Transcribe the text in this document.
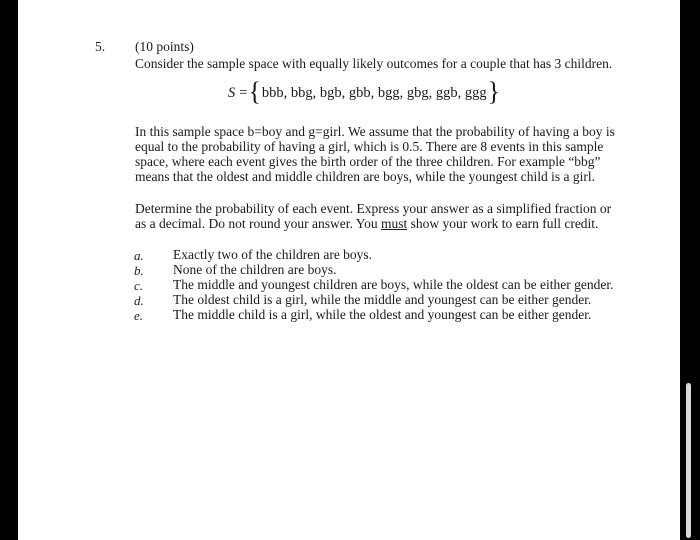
5. (10 points)
Consider the sample space with equally likely outcomes for a couple that has 3 children.
S = { bbb, bbg, bgb, gbb, bgg, gbg, ggb, ggg }
In this sample space b=boy and g=girl. We assume that the probability of having a boy is
equal to the probability of having a girl, which is 0.5. There are 8 events in this sample
space, where each event gives the birth order of the three children. For example “bbg”
means that the oldest and middle children are boys, while the youngest child is a girl.
Determine the probability of each event. Express your answer as a simplified fraction or
as a decimal. Do not round your answer. You must show your work to earn full credit.
a. Exactly two of the children are boys.
b. None of the children are boys.
c. The middle and youngest children are boys, while the oldest can be either gender.
d. The oldest child is a girl, while the middle and youngest can be either gender.
e. The middle child is a girl, while the oldest and youngest can be either gender.
